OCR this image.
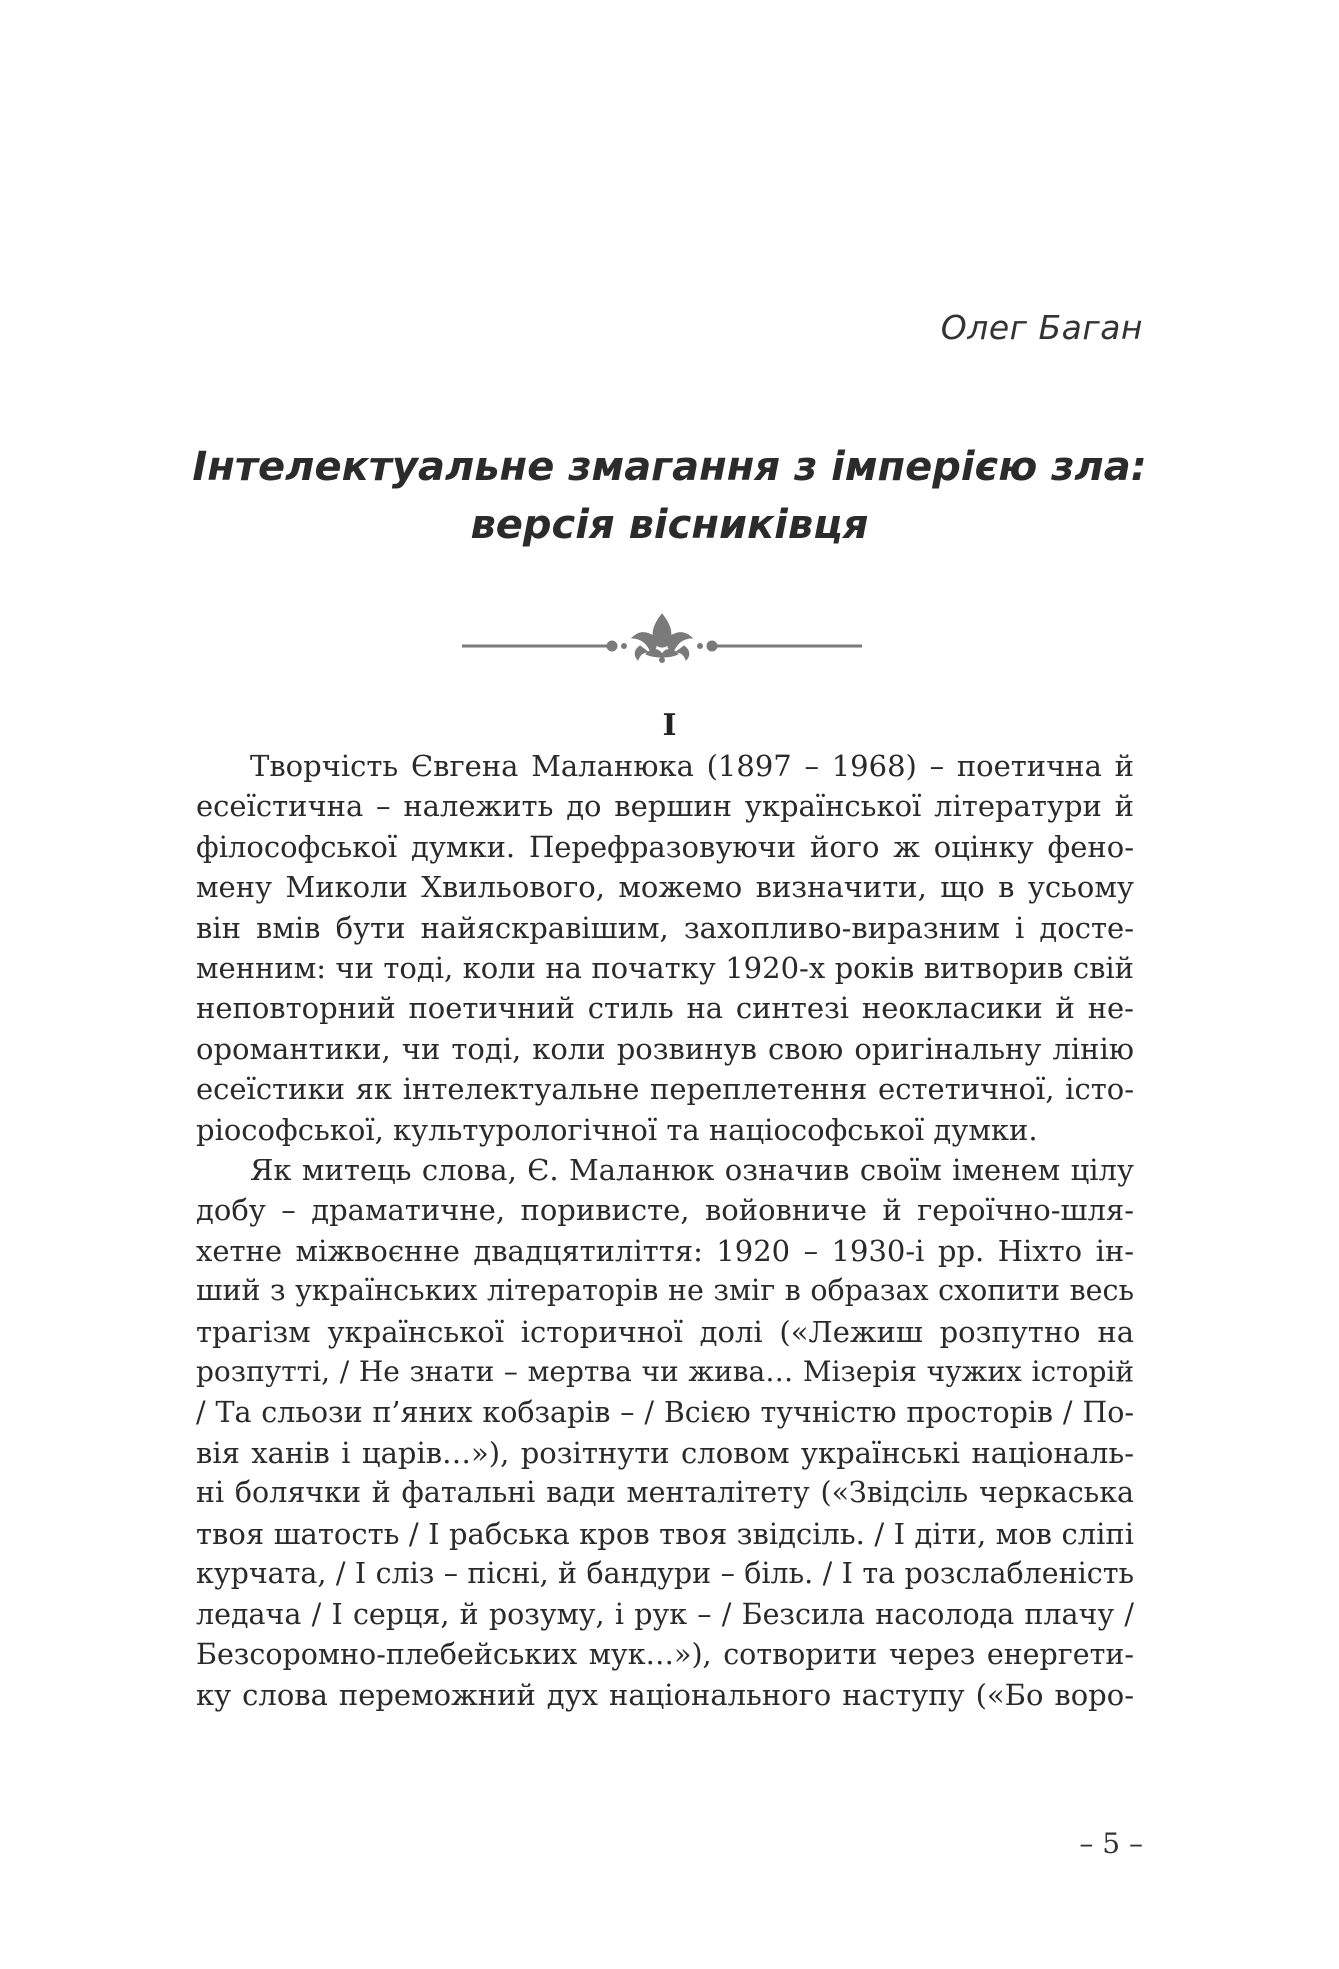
Олег Баган
Інтелектуальне змагання з імперією зла:
версія вісниківця
I
Творчість Євгена Маланюка (1897 – 1968) – поетична й
есеїстична – належить до вершин української літератури й
філософської думки. Перефразовуючи його ж оцінку фено-
мену Миколи Хвильового, можемо визначити, що в усьому
він вмів бути найяскравішим, захопливо-виразним і досте-
менним: чи тоді, коли на початку 1920-х років витворив свій
неповторний поетичний стиль на синтезі неокласики й не-
оромантики, чи тоді, коли розвинув свою оригінальну лінію
есеїстики як інтелектуальне переплетення естетичної, істо-
ріософської, культурологічної та націософської думки.
Як митець слова, Є. Маланюк означив своїм іменем цілу
добу – драматичне, поривисте, войовниче й героїчно-шля-
хетне міжвоєнне двадцятиліття: 1920 – 1930-і рр. Ніхто ін-
ший з українських літераторів не зміг в образах схопити весь
трагізм української історичної долі («Лежиш розпутно на
розпутті, / Не знати – мертва чи жива… Мізерія чужих історій
/ Та сльози п’яних кобзарів – / Всією тучністю просторів / По-
вія ханів і царів…»), розітнути словом українські національ-
ні болячки й фатальні вади менталітету («Звідсіль черкаська
твоя шатость / І рабська кров твоя звідсіль. / І діти, мов сліпі
курчата, / І сліз – пісні, й бандури – біль. / І та розслабленість
ледача / І серця, й розуму, і рук – / Безсила насолода плачу /
Безсоромно-плебейських мук…»), сотворити через енергети-
ку слова переможний дух національного наступу («Бо воро-
– 5 –
